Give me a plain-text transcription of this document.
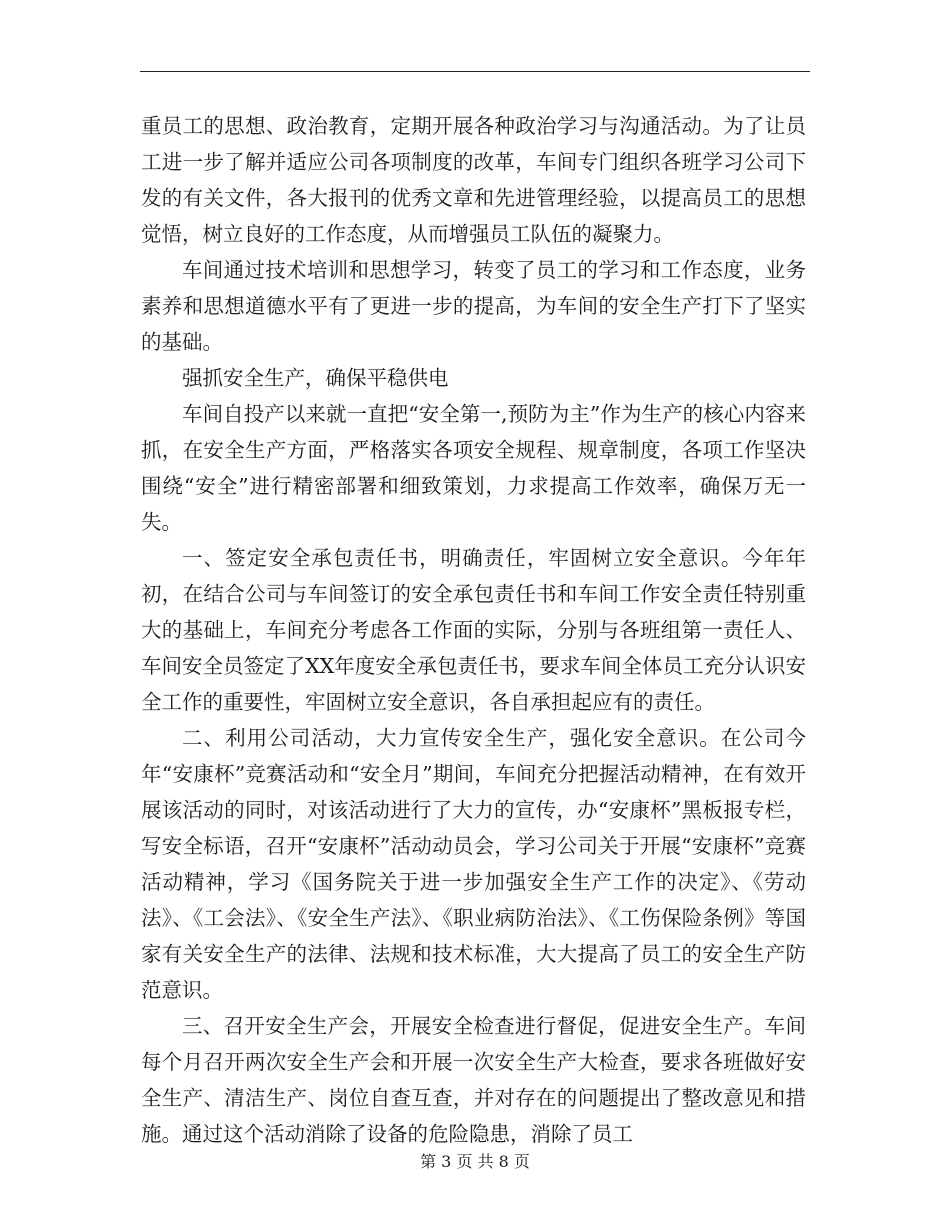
重员工的思想、政治教育，定期开展各种政治学习与沟通活动。为了让员工进一步了解并适应公司各项制度的改革，车间专门组织各班学习公司下发的有关文件，各大报刊的优秀文章和先进管理经验，以提高员工的思想觉悟，树立良好的工作态度，从而增强员工队伍的凝聚力。

车间通过技术培训和思想学习，转变了员工的学习和工作态度，业务素养和思想道德水平有了更进一步的提高，为车间的安全生产打下了坚实的基础。

强抓安全生产，确保平稳供电

车间自投产以来就一直把“安全第一,预防为主”作为生产的核心内容来抓，在安全生产方面，严格落实各项安全规程、规章制度，各项工作坚决围绕“安全”进行精密部署和细致策划，力求提高工作效率，确保万无一失。

一、签定安全承包责任书，明确责任，牢固树立安全意识。今年年初，在结合公司与车间签订的安全承包责任书和车间工作安全责任特别重大的基础上，车间充分考虑各工作面的实际，分别与各班组第一责任人、车间安全员签定了XX年度安全承包责任书，要求车间全体员工充分认识安全工作的重要性，牢固树立安全意识，各自承担起应有的责任。

二、利用公司活动，大力宣传安全生产，强化安全意识。在公司今年“安康杯”竞赛活动和“安全月”期间，车间充分把握活动精神，在有效开展该活动的同时，对该活动进行了大力的宣传，办“安康杯”黑板报专栏，写安全标语，召开“安康杯”活动动员会，学习公司关于开展“安康杯”竞赛活动精神，学习《国务院关于进一步加强安全生产工作的决定》、《劳动法》、《工会法》、《安全生产法》、《职业病防治法》、《工伤保险条例》等国家有关安全生产的法律、法规和技术标准，大大提高了员工的安全生产防范意识。

三、召开安全生产会，开展安全检查进行督促，促进安全生产。车间每个月召开两次安全生产会和开展一次安全生产大检查，要求各班做好安全生产、清洁生产、岗位自查互查，并对存在的问题提出了整改意见和措施。通过这个活动消除了设备的危险隐患，消除了员工

第 3 页 共 8 页
